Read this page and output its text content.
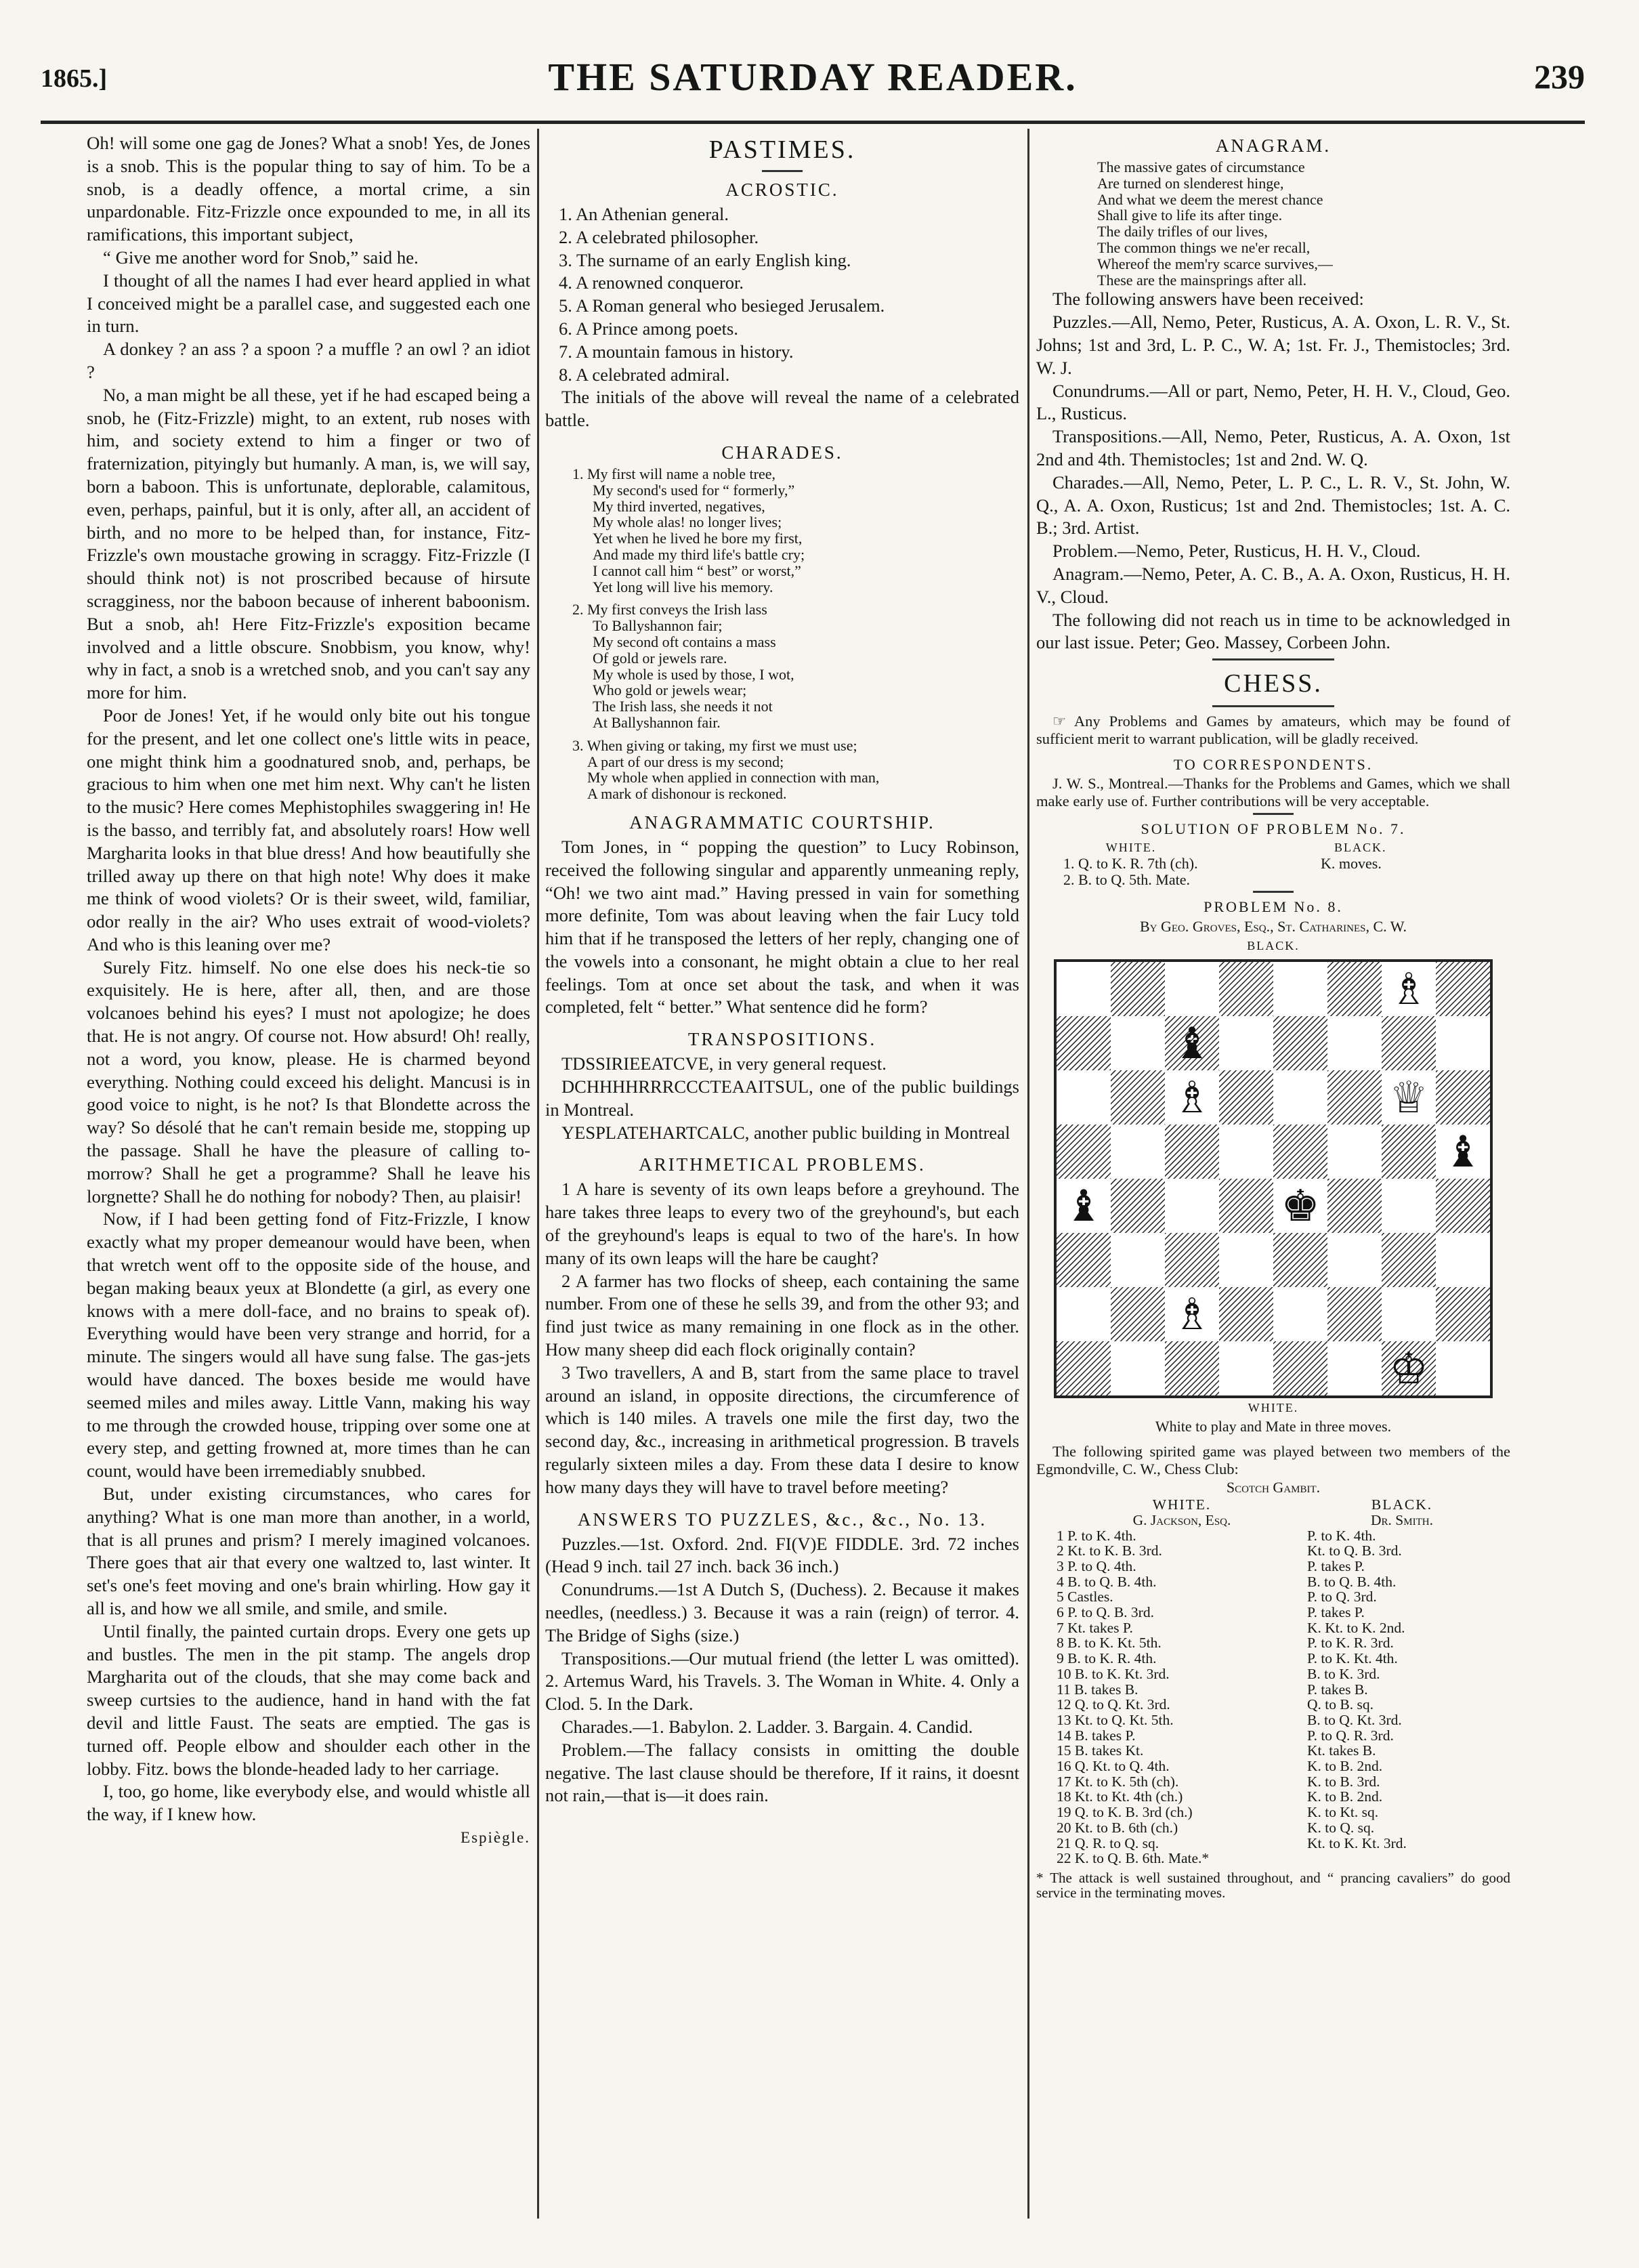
1865.]	THE SATURDAY READER.	239

Oh! will some one gag de Jones? What a snob! Yes, de Jones is a snob. This is the popular thing to say of him. To be a snob, is a deadly offence, a mortal crime, a sin unpardonable. Fitz-Frizzle once expounded to me, in all its ramifications, this important subject,

“ Give me another word for Snob,” said he.

I thought of all the names I had ever heard applied in what I conceived might be a parallel case, and suggested each one in turn.

A donkey ? an ass ? a spoon ? a muffle ? an owl ? an idiot ?

No, a man might be all these, yet if he had escaped being a snob, he (Fitz-Frizzle) might, to an extent, rub noses with him, and society extend to him a finger or two of fraternization, pityingly but humanly. A man, is, we will say, born a baboon. This is unfortunate, deplorable, calamitous, even, perhaps, painful, but it is only, after all, an accident of birth, and no more to be helped than, for instance, Fitz-Frizzle's own moustache growing in scraggy. Fitz-Frizzle (I should think not) is not proscribed because of hirsute scragginess, nor the baboon because of inherent baboonism. But a snob, ah! Here Fitz-Frizzle's exposition became involved and a little obscure. Snobbism, you know, why! why in fact, a snob is a wretched snob, and you can't say any more for him.

Poor de Jones! Yet, if he would only bite out his tongue for the present, and let one collect one's little wits in peace, one might think him a goodnatured snob, and, perhaps, be gracious to him when one met him next. Why can't he listen to the music? Here comes Mephistophiles swaggering in! He is the basso, and terribly fat, and absolutely roars! How well Margharita looks in that blue dress! And how beautifully she trilled away up there on that high note! Why does it make me think of wood violets? Or is their sweet, wild, familiar, odor really in the air? Who uses extrait of wood-violets? And who is this leaning over me?

Surely Fitz. himself. No one else does his neck-tie so exquisitely. He is here, after all, then, and are those volcanoes behind his eyes? I must not apologize; he does that. He is not angry. Of course not. How absurd! Oh! really, not a word, you know, please. He is charmed beyond everything. Nothing could exceed his delight. Mancusi is in good voice to night, is he not? Is that Blondette across the way? So désolé that he can't remain beside me, stopping up the passage. Shall he have the pleasure of calling to-morrow? Shall he get a programme? Shall he leave his lorgnette? Shall he do nothing for nobody? Then, au plaisir!

Now, if I had been getting fond of Fitz-Frizzle, I know exactly what my proper demeanour would have been, when that wretch went off to the opposite side of the house, and began making beaux yeux at Blondette (a girl, as every one knows with a mere doll-face, and no brains to speak of). Everything would have been very strange and horrid, for a minute. The singers would all have sung false. The gas-jets would have danced. The boxes beside me would have seemed miles and miles away. Little Vann, making his way to me through the crowded house, tripping over some one at every step, and getting frowned at, more times than he can count, would have been irremediably snubbed.

But, under existing circumstances, who cares for anything? What is one man more than another, in a world, that is all prunes and prism? I merely imagined volcanoes. There goes that air that every one waltzed to, last winter. It set's one's feet moving and one's brain whirling. How gay it all is, and how we all smile, and smile, and smile.

Until finally, the painted curtain drops. Every one gets up and bustles. The men in the pit stamp. The angels drop Margharita out of the clouds, that she may come back and sweep curtsies to the audience, hand in hand with the fat devil and little Faust. The seats are emptied. The gas is turned off. People elbow and shoulder each other in the lobby. Fitz. bows the blonde-headed lady to her carriage.

I, too, go home, like everybody else, and would whistle all the way, if I knew how.

Espiègle.
PASTIMES.
ACROSTIC.
1. An Athenian general.
2. A celebrated philosopher.
3. The surname of an early English king.
4. A renowned conqueror.
5. A Roman general who besieged Jerusalem.
6. A Prince among poets.
7. A mountain famous in history.
8. A celebrated admiral.

The initials of the above will reveal the name of a celebrated battle.

CHARADES.
1. My first will name a noble tree,
My second's used for “ formerly,”
My third inverted, negatives,
My whole alas! no longer lives;
Yet when he lived he bore my first,
And made my third life's battle cry;
I cannot call him “ best” or worst,”
Yet long will live his memory.
2. My first conveys the Irish lass
To Ballyshannon fair;
My second oft contains a mass
Of gold or jewels rare.
My whole is used by those, I wot,
Who gold or jewels wear;
The Irish lass, she needs it not
At Ballyshannon fair.
3. When giving or taking, my first we must use;
A part of our dress is my second;
My whole when applied in connection with man,
A mark of dishonour is reckoned.
ANAGRAMMATIC COURTSHIP.

Tom Jones, in “ popping the question” to Lucy Robinson, received the following singular and apparently unmeaning reply, “Oh! we two aint mad.” Having pressed in vain for something more definite, Tom was about leaving when the fair Lucy told him that if he transposed the letters of her reply, changing one of the vowels into a consonant, he might obtain a clue to her real feelings. Tom at once set about the task, and when it was completed, felt “ better.” What sentence did he form?

TRANSPOSITIONS.

TDSSIRIEEATCVE, in very general request.

DCHHHHRRRCCCTEAAITSUL, one of the public buildings in Montreal.

YESPLATEHARTCALC, another public building in Montreal

ARITHMETICAL PROBLEMS.

1 A hare is seventy of its own leaps before a greyhound. The hare takes three leaps to every two of the greyhound's, but each of the greyhound's leaps is equal to two of the hare's. In how many of its own leaps will the hare be caught?

2 A farmer has two flocks of sheep, each containing the same number. From one of these he sells 39, and from the other 93; and find just twice as many remaining in one flock as in the other. How many sheep did each flock originally contain?

3 Two travellers, A and B, start from the same place to travel around an island, in opposite directions, the circumference of which is 140 miles. A travels one mile the first day, two the second day, &c., increasing in arithmetical progression. B travels regularly sixteen miles a day. From these data I desire to know how many days they will have to travel before meeting?

ANSWERS TO PUZZLES, &c., &c., No. 13.

Puzzles.—1st. Oxford. 2nd. FI(V)E FIDDLE. 3rd. 72 inches (Head 9 inch. tail 27 inch. back 36 inch.)

Conundrums.—1st A Dutch S, (Duchess). 2. Because it makes needles, (needless.) 3. Because it was a rain (reign) of terror. 4. The Bridge of Sighs (size.)

Transpositions.—Our mutual friend (the letter L was omitted). 2. Artemus Ward, his Travels. 3. The Woman in White. 4. Only a Clod. 5. In the Dark.

Charades.—1. Babylon. 2. Ladder. 3. Bargain. 4. Candid.

Problem.—The fallacy consists in omitting the double negative. The last clause should be therefore, If it rains, it doesnt not rain,—that is—it does rain.

ANAGRAM.
The massive gates of circumstance
Are turned on slenderest hinge,
And what we deem the merest chance
Shall give to life its after tinge.
The daily trifles of our lives,
The common things we ne'er recall,
Whereof the mem'ry scarce survives,—
These are the mainsprings after all.

The following answers have been received:

Puzzles.—All, Nemo, Peter, Rusticus, A. A. Oxon, L. R. V., St. Johns; 1st and 3rd, L. P. C., W. A; 1st. Fr. J., Themistocles; 3rd. W. J.

Conundrums.—All or part, Nemo, Peter, H. H. V., Cloud, Geo. L., Rusticus.

Transpositions.—All, Nemo, Peter, Rusticus, A. A. Oxon, 1st 2nd and 4th. Themistocles; 1st and 2nd. W. Q.

Charades.—All, Nemo, Peter, L. P. C., L. R. V., St. John, W. Q., A. A. Oxon, Rusticus; 1st and 2nd. Themistocles; 1st. A. C. B.; 3rd. Artist.

Problem.—Nemo, Peter, Rusticus, H. H. V., Cloud.

Anagram.—Nemo, Peter, A. C. B., A. A. Oxon, Rusticus, H. H. V., Cloud.

The following did not reach us in time to be acknowledged in our last issue. Peter; Geo. Massey, Corbeen John.

CHESS.

☞ Any Problems and Games by amateurs, which may be found of sufficient merit to warrant publication, will be gladly received.

TO CORRESPONDENTS.

J. W. S., Montreal.—Thanks for the Problems and Games, which we shall make early use of. Further contributions will be very acceptable.

SOLUTION OF PROBLEM No. 7.
WHITE.	BLACK.
1. Q. to K. R. 7th (ch).	K. moves.
2. B. to Q. 5th. Mate.
PROBLEM No. 8.
By Geo. Groves, Esq., St. Catharines, C. W.
BLACK.
♗
♝
♗	♕
♝
♝	♚
♗
♔
WHITE.
White to play and Mate in three moves.

The following spirited game was played between two members of the Egmondville, C. W., Chess Club:

Scotch Gambit.
WHITE.	BLACK.
G. Jackson, Esq.	Dr. Smith.
1 P. to K. 4th.	P. to K. 4th.
2 Kt. to K. B. 3rd.	Kt. to Q. B. 3rd.
3 P. to Q. 4th.	P. takes P.
4 B. to Q. B. 4th.	B. to Q. B. 4th.
5 Castles.	P. to Q. 3rd.
6 P. to Q. B. 3rd.	P. takes P.
7 Kt. takes P.	K. Kt. to K. 2nd.
8 B. to K. Kt. 5th.	P. to K. R. 3rd.
9 B. to K. R. 4th.	P. to K. Kt. 4th.
10 B. to K. Kt. 3rd.	B. to K. 3rd.
11 B. takes B.	P. takes B.
12 Q. to Q. Kt. 3rd.	Q. to B. sq.
13 Kt. to Q. Kt. 5th.	B. to Q. Kt. 3rd.
14 B. takes P.	P. to Q. R. 3rd.
15 B. takes Kt.	Kt. takes B.
16 Q. Kt. to Q. 4th.	K. to B. 2nd.
17 Kt. to K. 5th (ch).	K. to B. 3rd.
18 Kt. to Kt. 4th (ch.)	K. to B. 2nd.
19 Q. to K. B. 3rd (ch.)	K. to Kt. sq.
20 Kt. to B. 6th (ch.)	K. to Q. sq.
21 Q. R. to Q. sq.	Kt. to K. Kt. 3rd.
22 K. to Q. B. 6th. Mate.*
* The attack is well sustained throughout, and “ prancing cavaliers” do good service in the terminating moves.
